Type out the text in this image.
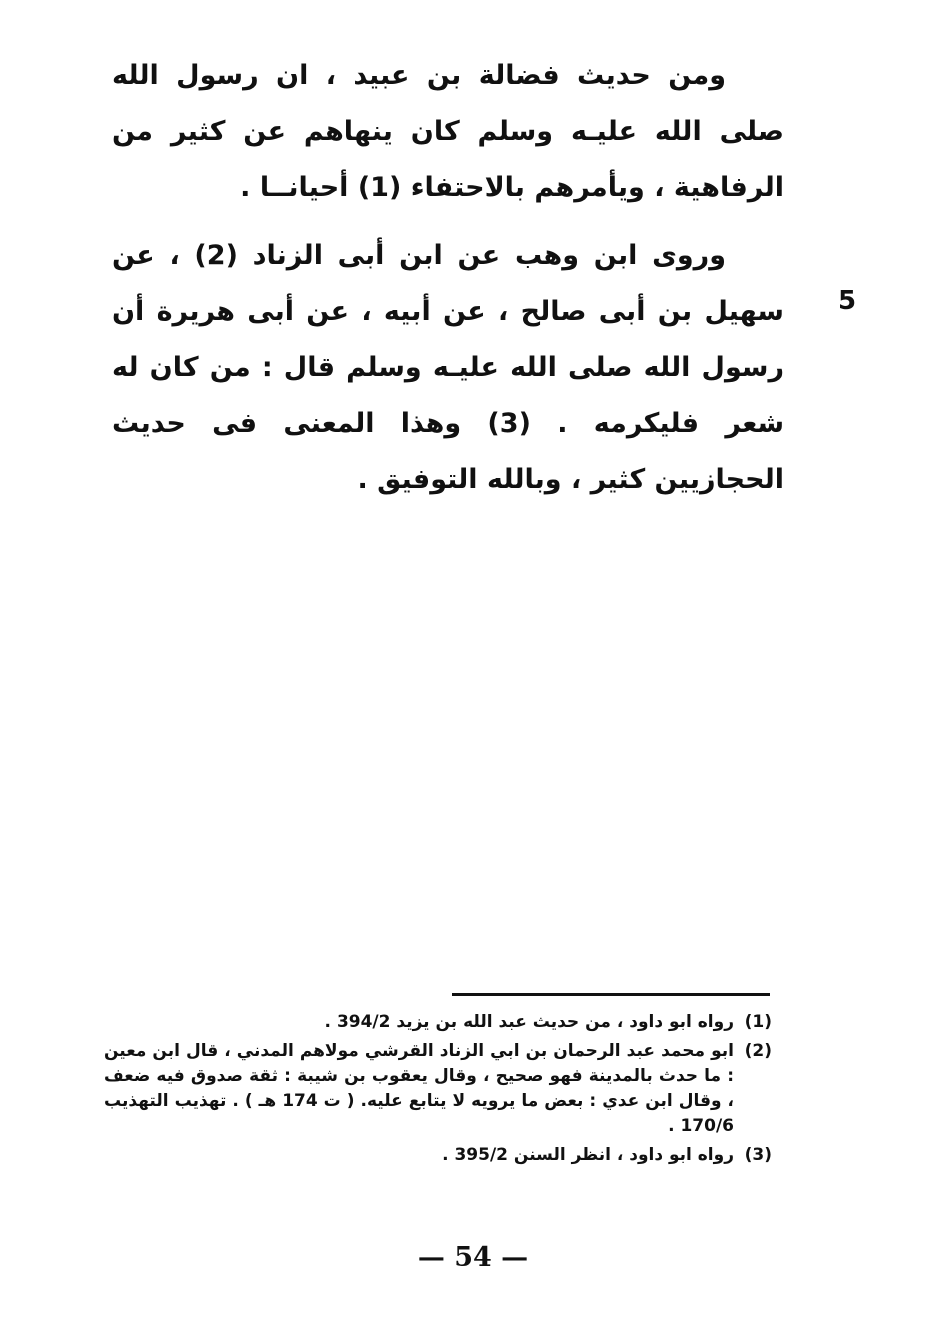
ومن حديث فضالة بن عبيد ، ان رسول الله صلى الله عليـه وسلم كان ينهاهم عن كثير من الرفاهية ، ويأمرهم بالاحتفاء (1) أحيانــا .

وروى ابن وهب عن ابن أبى الزناد (2) ، عن سهيل بن أبى صالح ، عن أبيه ، عن أبى هريرة أن رسول الله صلى الله عليـه وسلم قال : من كان له شعر فليكرمه . (3) وهذا المعنى فى حديث الحجازيين كثير ، وبالله التوفيق .

5
(1)
رواه ابو داود ، من حديث عبد الله بن يزيد 394/2 .
(2)
ابو محمد عبد الرحمان بن ابي الزناد القرشي مولاهم المدني ، قال ابن معين : ما حدث بالمدينة فهو صحيح ، وقال يعقوب بن شيبة : ثقة صدوق فيه ضعف ، وقال ابن عدي : بعض ما يرويه لا يتابع عليه. ( ت 174 هـ ) . تهذيب التهذيب 170/6 .
(3)
رواه ابو داود ، انظر السنن 395/2 .
— 54 —
